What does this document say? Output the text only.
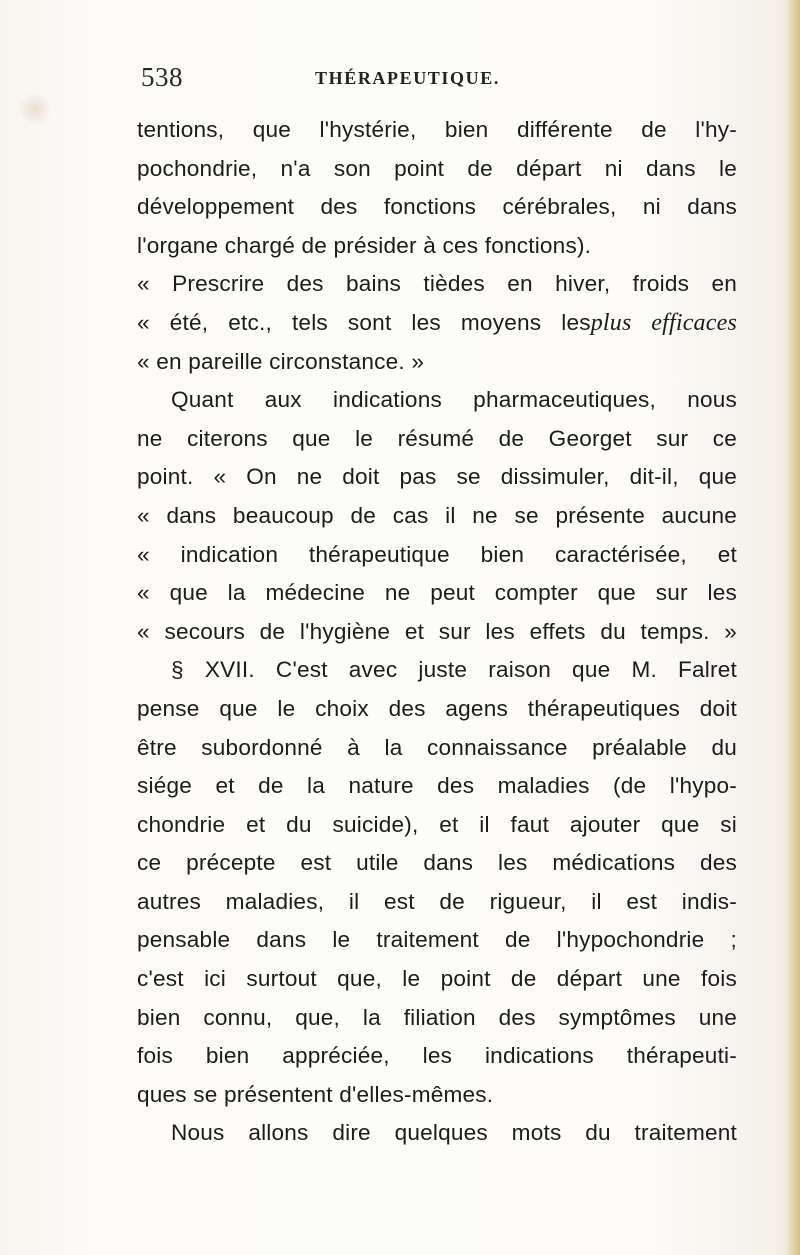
538	THÉRAPEUTIQUE.
tentions, que l'hystérie, bien différente de l'hy-
pochondrie, n'a son point de départ ni dans le
développement des fonctions cérébrales, ni dans
l'organe chargé de présider à ces fonctions).
« Prescrire des bains tièdes en hiver, froids en
« été, etc., tels sont les moyens lesplus efficaces
« en pareille circonstance. »
Quant aux indications pharmaceutiques, nous
ne citerons que le résumé de Georget sur ce
point. « On ne doit pas se dissimuler, dit-il, que
« dans beaucoup de cas il ne se présente aucune
« indication thérapeutique bien caractérisée, et
« que la médecine ne peut compter que sur les
« secours de l'hygiène et sur les effets du temps. »
§ XVII. C'est avec juste raison que M. Falret
pense que le choix des agens thérapeutiques doit
être subordonné à la connaissance préalable du
siége et de la nature des maladies (de l'hypo-
chondrie et du suicide), et il faut ajouter que si
ce précepte est utile dans les médications des
autres maladies, il est de rigueur, il est indis-
pensable dans le traitement de l'hypochondrie ;
c'est ici surtout que, le point de départ une fois
bien connu, que, la filiation des symptômes une
fois bien appréciée, les indications thérapeuti-
ques se présentent d'elles-mêmes.
Nous allons dire quelques mots du traitement
